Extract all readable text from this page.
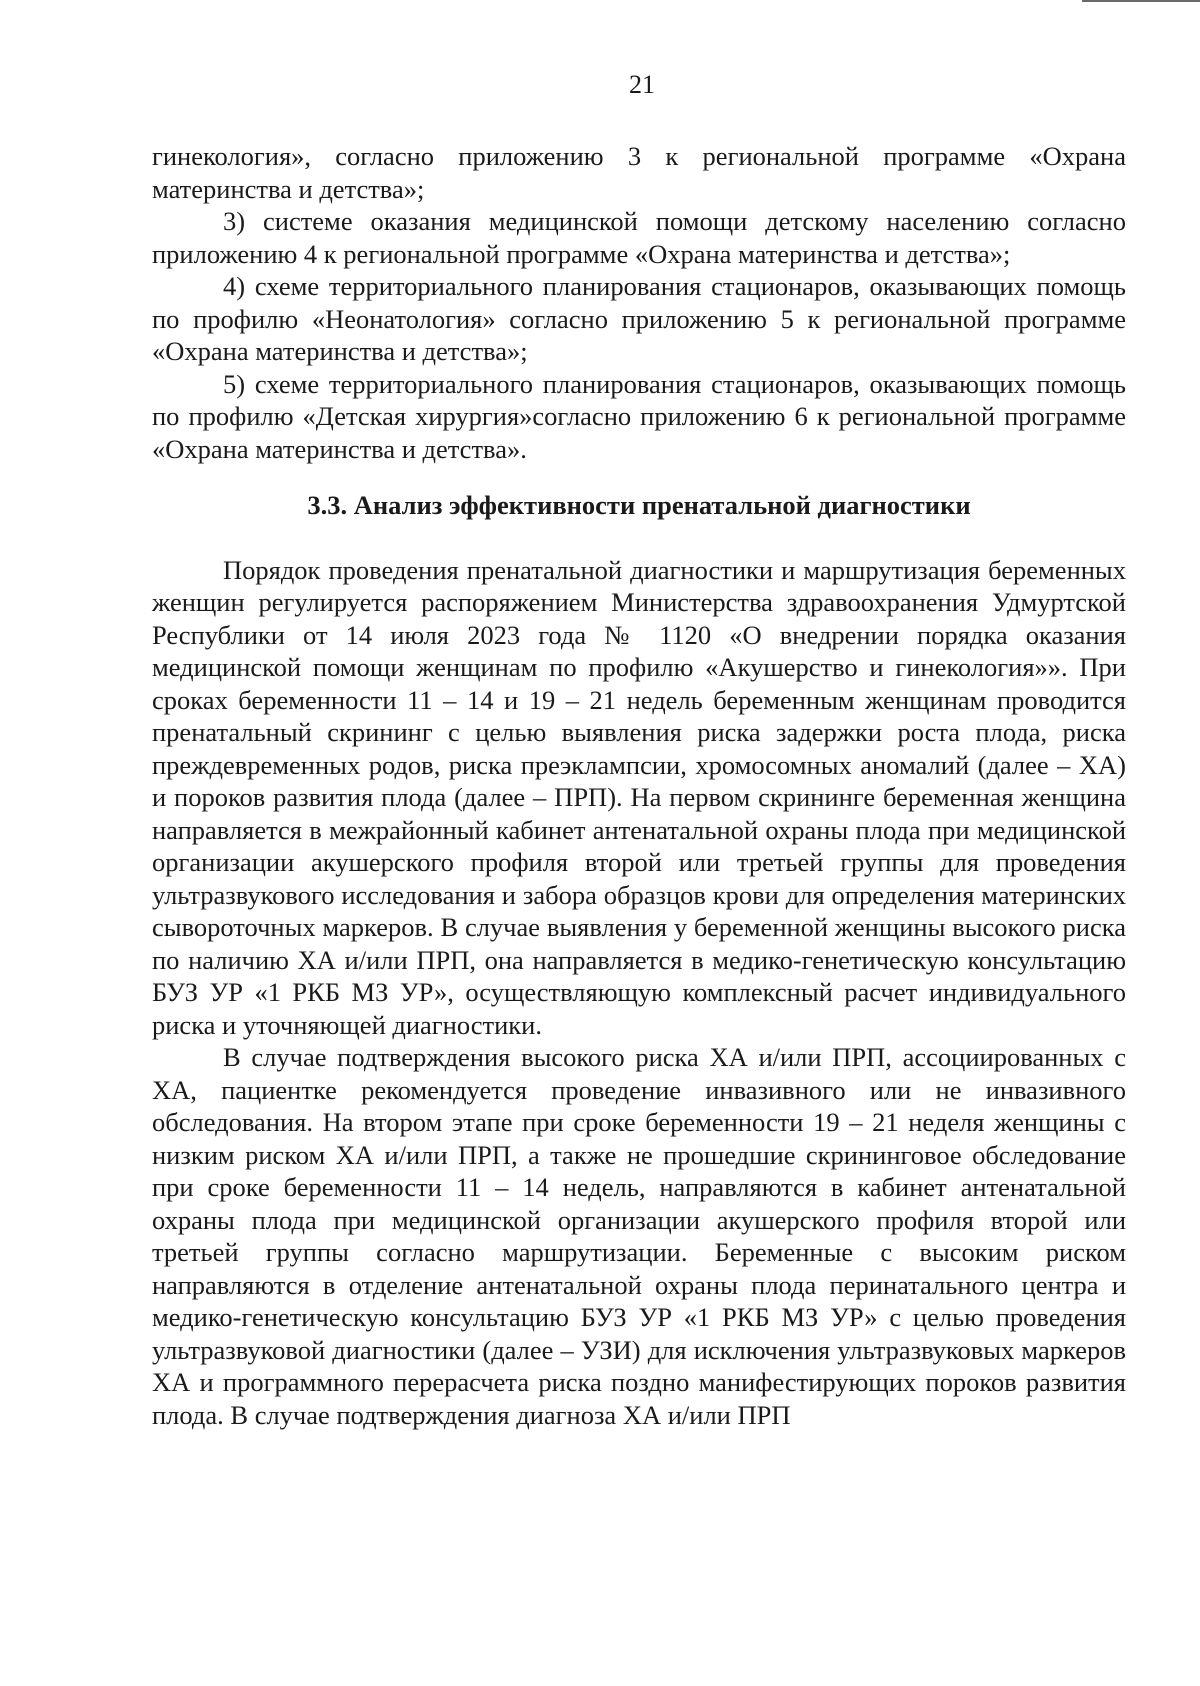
21

гинекология», согласно приложению 3 к региональной программе «Охрана материнства и детства»;

3) системе оказания медицинской помощи детскому населению согласно приложению 4 к региональной программе «Охрана материнства и детства»;

4) схеме территориального планирования стационаров, оказывающих помощь по профилю «Неонатология» согласно приложению 5 к региональной программе «Охрана материнства и детства»;

5) схеме территориального планирования стационаров, оказывающих помощь по профилю «Детская хирургия»согласно приложению 6 к региональной программе «Охрана материнства и детства».

3.3. Анализ эффективности пренатальной диагностики

Порядок проведения пренатальной диагностики и маршрутизация беременных женщин регулируется распоряжением Министерства здравоохранения Удмуртской Республики от 14 июля 2023 года № 1120 «О внедрении порядка оказания медицинской помощи женщинам по профилю «Акушерство и гинекология»». При сроках беременности 11 – 14 и 19 – 21 недель беременным женщинам проводится пренатальный скрининг с целью выявления риска задержки роста плода, риска преждевременных родов, риска преэклампсии, хромосомных аномалий (далее – ХА) и пороков развития плода (далее – ПРП). На первом скрининге беременная женщина направляется в межрайонный кабинет антенатальной охраны плода при медицинской организации акушерского профиля второй или третьей группы для проведения ультразвукового исследования и забора образцов крови для определения материнских сывороточных маркеров. В случае выявления у беременной женщины высокого риска по наличию ХА и/или ПРП, она направляется в медико-генетическую консультацию БУЗ УР «1 РКБ МЗ УР», осуществляющую комплексный расчет индивидуального риска и уточняющей диагностики.

В случае подтверждения высокого риска ХА и/или ПРП, ассоциированных с ХА, пациентке рекомендуется проведение инвазивного или не инвазивного обследования. На втором этапе при сроке беременности 19 – 21 неделя женщины с низким риском ХА и/или ПРП, а также не прошедшие скрининговое обследование при сроке беременности 11 – 14 недель, направляются в кабинет антенатальной охраны плода при медицинской организации акушерского профиля второй или третьей группы согласно маршрутизации. Беременные с высоким риском направляются в отделение антенатальной охраны плода перинатального центра и медико-генетическую консультацию БУЗ УР «1 РКБ МЗ УР» с целью проведения ультразвуковой диагностики (далее – УЗИ) для исключения ультразвуковых маркеров ХА и программного перерасчета риска поздно манифестирующих пороков развития плода. В случае подтверждения диагноза ХА и/или ПРП
